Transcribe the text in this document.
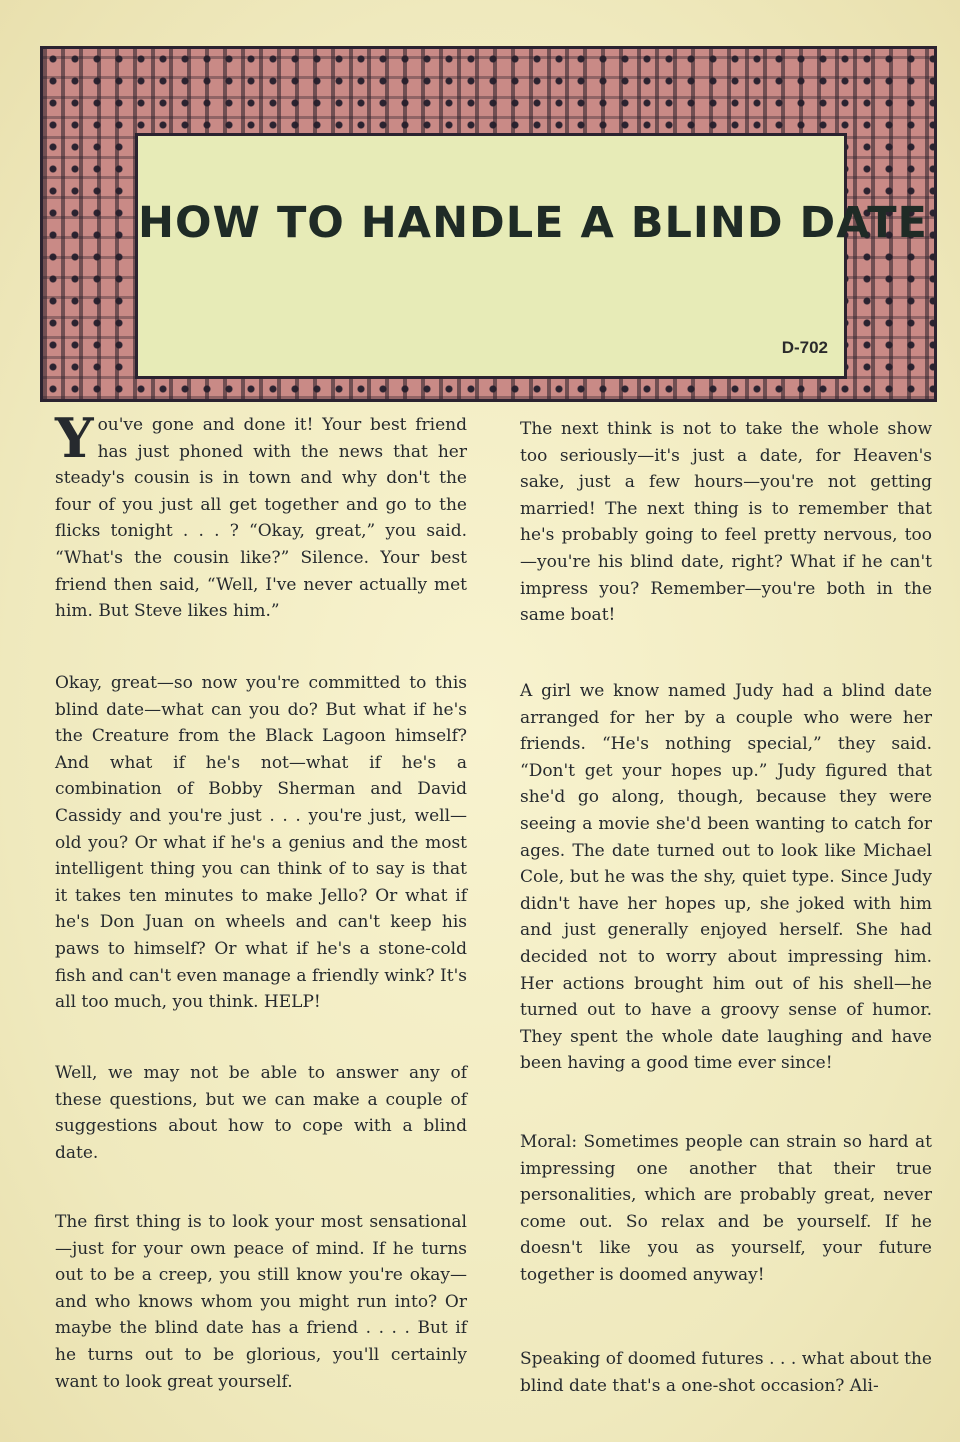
HOW TO HANDLE A BLIND DATE
D-702

You've gone and done it! Your best friend has just phoned with the news that her steady's cousin is in town and why don't the four of you just all get together and go to the flicks tonight . . . ? “Okay, great,” you said. “What's the cousin like?” Silence. Your best friend then said, “Well, I've never actually met him. But Steve likes him.”

Okay, great—so now you're committed to this blind date—what can you do? But what if he's the Creature from the Black Lagoon himself? And what if he's not—what if he's a combination of Bobby Sherman and David Cassidy and you're just . . . you're just, well—old you? Or what if he's a genius and the most intelligent thing you can think of to say is that it takes ten minutes to make Jello? Or what if he's Don Juan on wheels and can't keep his paws to himself? Or what if he's a stone-cold fish and can't even manage a friendly wink? It's all too much, you think. HELP!

Well, we may not be able to answer any of these questions, but we can make a couple of suggestions about how to cope with a blind date.

The first thing is to look your most sensational—just for your own peace of mind. If he turns out to be a creep, you still know you're okay—and who knows whom you might run into? Or maybe the blind date has a friend . . . . But if he turns out to be glorious, you'll certainly want to look great yourself.

The next think is not to take the whole show too seriously—it's just a date, for Heaven's sake, just a few hours—you're not getting married! The next thing is to remember that he's probably going to feel pretty nervous, too—you're his blind date, right? What if he can't impress you? Remember—you're both in the same boat!

A girl we know named Judy had a blind date arranged for her by a couple who were her friends. “He's nothing special,” they said. “Don't get your hopes up.” Judy figured that she'd go along, though, because they were seeing a movie she'd been wanting to catch for ages. The date turned out to look like Michael Cole, but he was the shy, quiet type. Since Judy didn't have her hopes up, she joked with him and just generally enjoyed herself. She had decided not to worry about impressing him. Her actions brought him out of his shell—he turned out to have a groovy sense of humor. They spent the whole date laughing and have been having a good time ever since!

Moral: Sometimes people can strain so hard at impressing one another that their true personalities, which are probably great, never come out. So relax and be yourself. If he doesn't like you as yourself, your future together is doomed anyway!

Speaking of doomed futures . . . what about the blind date that's a one-shot occasion? Ali-
